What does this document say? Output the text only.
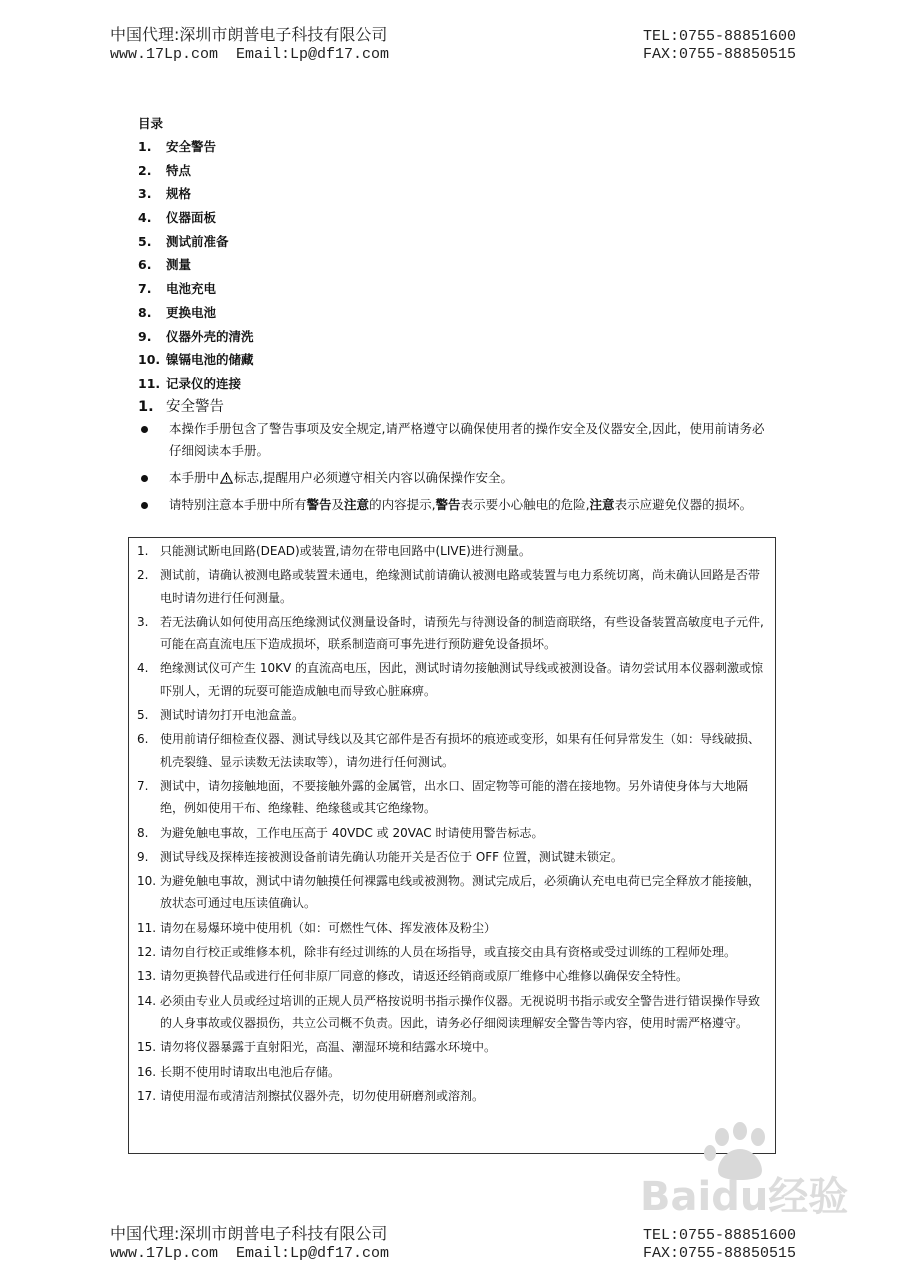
中国代理:深圳市朗普电子科技有限公司	TEL:0755-88851600
www.17Lp.com  Email:Lp@df17.com	FAX:0755-88850515
目录
1. 安全警告
2. 特点
3. 规格
4. 仪器面板
5. 测试前准备
6. 测量
7. 电池充电
8. 更换电池
9. 仪器外壳的清洗
10. 镍镉电池的储藏
11. 记录仪的连接
1. 安全警告
本操作手册包含了警告事项及安全规定,请严格遵守以确保使用者的操作安全及仪器安全,因此，使用前请务必仔细阅读本手册。
本手册中 标志,提醒用户必须遵守相关内容以确保操作安全。
请特别注意本手册中所有警告及注意的内容提示,警告表示要小心触电的危险,注意表示应避免仪器的损坏。
1. 只能测试断电回路(DEAD)或装置,请勿在带电回路中(LIVE)进行测量。
2. 测试前，请确认被测电路或装置未通电，绝缘测试前请确认被测电路或装置与电力系统切离，尚未确认回路是否带电时请勿进行任何测量。
3. 若无法确认如何使用高压绝缘测试仪测量设备时，请预先与待测设备的制造商联络，有些设备装置高敏度电子元件,可能在高直流电压下造成损坏，联系制造商可事先进行预防避免设备损坏。
4. 绝缘测试仪可产生 10KV 的直流高电压，因此，测试时请勿接触测试导线或被测设备。请勿尝试用本仪器刺激或惊吓别人，无谓的玩耍可能造成触电而导致心脏麻痹。
5. 测试时请勿打开电池盒盖。
6. 使用前请仔细检查仪器、测试导线以及其它部件是否有损坏的痕迹或变形，如果有任何异常发生（如：导线破损、机壳裂缝、显示读数无法读取等），请勿进行任何测试。
7. 测试中，请勿接触地面，不要接触外露的金属管，出水口、固定物等可能的潜在接地物。另外请使身体与大地隔绝，例如使用干布、绝缘鞋、绝缘毯或其它绝缘物。
8. 为避免触电事故，工作电压高于 40VDC 或 20VAC 时请使用警告标志。
9. 测试导线及探棒连接被测设备前请先确认功能开关是否位于 OFF 位置，测试键未锁定。
10. 为避免触电事故，测试中请勿触摸任何裸露电线或被测物。测试完成后，必须确认充电电荷已完全释放才能接触，放状态可通过电压读值确认。
11. 请勿在易爆环境中使用机（如：可燃性气体、挥发液体及粉尘）
12. 请勿自行校正或维修本机，除非有经过训练的人员在场指导，或直接交由具有资格或受过训练的工程师处理。
13. 请勿更换替代品或进行任何非原厂同意的修改，请返还经销商或原厂维修中心维修以确保安全特性。
14. 必须由专业人员或经过培训的正规人员严格按说明书指示操作仪器。无视说明书指示或安全警告进行错误操作导致的人身事故或仪器损伤，共立公司概不负责。因此，请务必仔细阅读理解安全警告等内容，使用时需严格遵守。
15. 请勿将仪器暴露于直射阳光，高温、潮湿环境和结露水环境中。
16. 长期不使用时请取出电池后存储。
17. 请使用湿布或清洁剂擦拭仪器外壳，切勿使用研磨剂或溶剂。
Baidu经验
中国代理:深圳市朗普电子科技有限公司	TEL:0755-88851600
www.17Lp.com  Email:Lp@df17.com	FAX:0755-88850515
